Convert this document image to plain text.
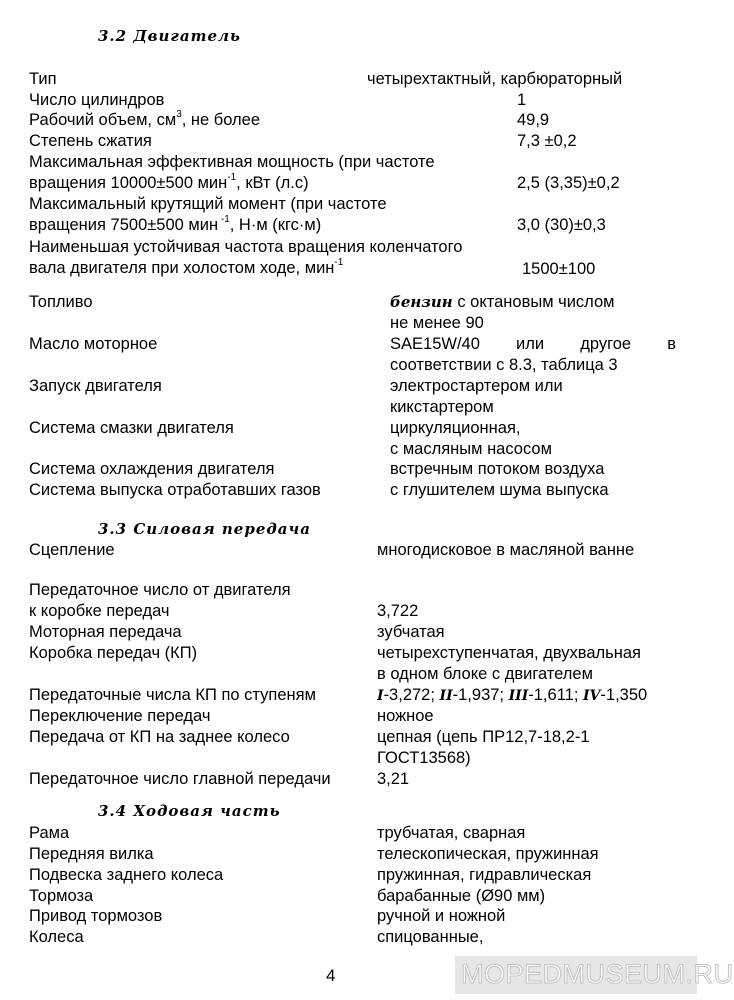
3.2 Двигатель
Тип	четырехтактный, карбюраторный
Число цилиндров	1
Рабочий объем, $см^3$, не более	49,9
Степень сжатия	7,3 ±0,2
Максимальная эффективная мощность (при частоте
вращения 10000±500 мин$^{-1}$, кВт (л.с)	2,5 (3,35)±0,2
Максимальный крутящий момент (при частоте
вращения 7500±500 мин $^{-1}$, Н·м (кгс·м)	3,0 (30)±0,3
Наименьшая устойчивая частота вращения коленчатого
вала двигателя при холостом ходе, мин$^{-1}$	1500±100
Топливо	бензин с октановым числом
не менее 90
Масло моторное	SAE15W/40 или другое в
соответствии с 8.3, таблица 3
Запуск двигателя	электростартером или
кикстартером
Система смазки двигателя	циркуляционная,
с масляным насосом
Система охлаждения двигателя	встречным потоком воздуха
Система выпуска отработавших газов	с глушителем шума выпуска
3.3 Силовая передача
Сцепление	многодисковое в масляной ванне
Передаточное число от двигателя
к коробке передач	3,722
Моторная передача	зубчатая
Коробка передач (КП)	четырехступенчатая, двухвальная
в одном блоке с двигателем
Передаточные числа КП по ступеням	I-3,272; II-1,937; III-1,611; IV-1,350
Переключение передач	ножное
Передача от КП на заднее колесо	цепная (цепь ПР12,7-18,2-1
ГОСТ13568)
Передаточное число главной передачи	3,21
3.4 Ходовая часть
Рама	трубчатая, сварная
Передняя вилка	телескопическая, пружинная
Подвеска заднего колеса	пружинная, гидравлическая
Тормоза	барабанные (Ø90 мм)
Привод тормозов	ручной и ножной
Колеса	спицованные,
4	MOPEDMUSEUM.RU
